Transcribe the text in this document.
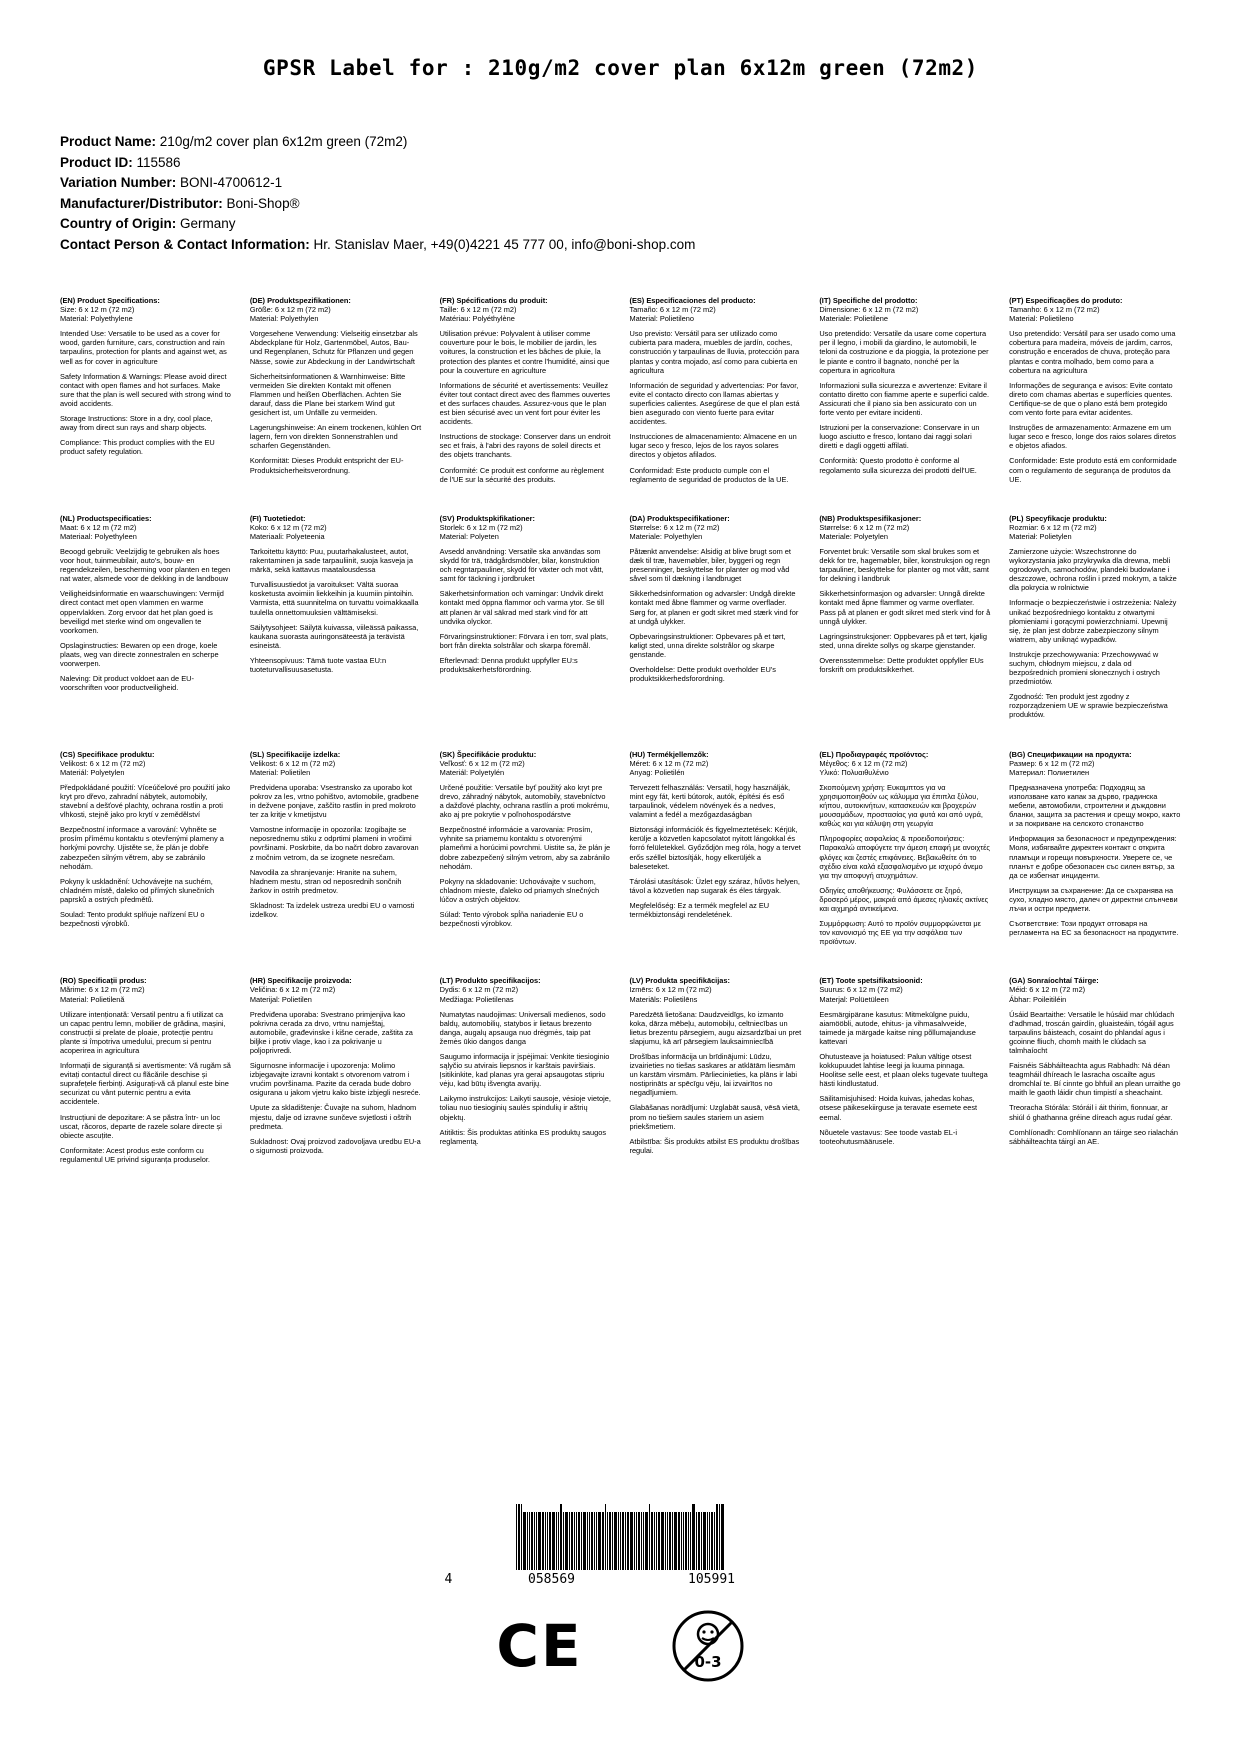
GPSR Label for : 210g/m2 cover plan 6x12m green (72m2)
Product Name: 210g/m2 cover plan 6x12m green (72m2)
Product ID: 115586
Variation Number: BONI-4700612-1
Manufacturer/Distributor: Boni-Shop®
Country of Origin: Germany
Contact Person & Contact Information: Hr. Stanislav Maer, +49(0)4221 45 777 00, info@boni-shop.com
(EN) Product Specifications:

Size: 6 x 12 m (72 m2)

Material: Polyethylene

Intended Use: Versatile to be used as a cover for wood, garden furniture, cars, construction and rain tarpaulins, protection for plants and against wet, as well as for cover in agriculture

Safety Information & Warnings: Please avoid direct contact with open flames and hot surfaces. Make sure that the plan is well secured with strong wind to avoid accidents.

Storage Instructions: Store in a dry, cool place, away from direct sun rays and sharp objects.

Compliance: This product complies with the EU product safety regulation.

(DE) Produktspezifikationen:

Größe: 6 x 12 m (72 m2)

Material: Polyethylen

Vorgesehene Verwendung: Vielseitig einsetzbar als Abdeckplane für Holz, Gartenmöbel, Autos, Bau- und Regenplanen, Schutz für Pflanzen und gegen Nässe, sowie zur Abdeckung in der Landwirtschaft

Sicherheitsinformationen & Warnhinweise: Bitte vermeiden Sie direkten Kontakt mit offenen Flammen und heißen Oberflächen. Achten Sie darauf, dass die Plane bei starkem Wind gut gesichert ist, um Unfälle zu vermeiden.

Lagerungshinweise: An einem trockenen, kühlen Ort lagern, fern von direkten Sonnenstrahlen und scharfen Gegenständen.

Konformität: Dieses Produkt entspricht der EU-Produktsicherheitsverordnung.

(FR) Spécifications du produit:

Taille: 6 x 12 m (72 m2)

Matériau: Polyéthylène

Utilisation prévue: Polyvalent à utiliser comme couverture pour le bois, le mobilier de jardin, les voitures, la construction et les bâches de pluie, la protection des plantes et contre l'humidité, ainsi que pour la couverture en agriculture

Informations de sécurité et avertissements: Veuillez éviter tout contact direct avec des flammes ouvertes et des surfaces chaudes. Assurez-vous que le plan est bien sécurisé avec un vent fort pour éviter les accidents.

Instructions de stockage: Conserver dans un endroit sec et frais, à l'abri des rayons de soleil directs et des objets tranchants.

Conformité: Ce produit est conforme au règlement de l'UE sur la sécurité des produits.

(ES) Especificaciones del producto:

Tamaño: 6 x 12 m (72 m2)

Material: Polietileno

Uso previsto: Versátil para ser utilizado como cubierta para madera, muebles de jardín, coches, construcción y tarpaulinas de lluvia, protección para plantas y contra mojado, así como para cubierta en agricultura

Información de seguridad y advertencias: Por favor, evite el contacto directo con llamas abiertas y superficies calientes. Asegúrese de que el plan está bien asegurado con viento fuerte para evitar accidentes.

Instrucciones de almacenamiento: Almacene en un lugar seco y fresco, lejos de los rayos solares directos y objetos afilados.

Conformidad: Este producto cumple con el reglamento de seguridad de productos de la UE.

(IT) Specifiche del prodotto:

Dimensione: 6 x 12 m (72 m2)

Materiale: Polietilene

Uso pretendido: Versatile da usare come copertura per il legno, i mobili da giardino, le automobili, le teloni da costruzione e da pioggia, la protezione per le piante e contro il bagnato, nonché per la copertura in agricoltura

Informazioni sulla sicurezza e avvertenze: Evitare il contatto diretto con fiamme aperte e superfici calde. Assicurati che il piano sia ben assicurato con un forte vento per evitare incidenti.

Istruzioni per la conservazione: Conservare in un luogo asciutto e fresco, lontano dai raggi solari diretti e dagli oggetti affilati.

Conformità: Questo prodotto è conforme al regolamento sulla sicurezza dei prodotti dell'UE.

(PT) Especificações do produto:

Tamanho: 6 x 12 m (72 m2)

Material: Polietileno

Uso pretendido: Versátil para ser usado como uma cobertura para madeira, móveis de jardim, carros, construção e encerados de chuva, proteção para plantas e contra molhado, bem como para a cobertura na agricultura

Informações de segurança e avisos: Evite contato direto com chamas abertas e superfícies quentes. Certifique-se de que o plano está bem protegido com vento forte para evitar acidentes.

Instruções de armazenamento: Armazene em um lugar seco e fresco, longe dos raios solares diretos e objetos afiados.

Conformidade: Este produto está em conformidade com o regulamento de segurança de produtos da UE.

(NL) Productspecificaties:

Maat: 6 x 12 m (72 m2)

Materiaal: Polyethyleen

Beoogd gebruik: Veelzijdig te gebruiken als hoes voor hout, tuinmeubilair, auto's, bouw- en regendekzeilen, bescherming voor planten en tegen nat water, alsmede voor de dekking in de landbouw

Veiligheidsinformatie en waarschuwingen: Vermijd direct contact met open vlammen en warme oppervlakken. Zorg ervoor dat het plan goed is beveiligd met sterke wind om ongevallen te voorkomen.

Opslaginstructies: Bewaren op een droge, koele plaats, weg van directe zonnestralen en scherpe voorwerpen.

Naleving: Dit product voldoet aan de EU-voorschriften voor productveiligheid.

(FI) Tuotetiedot:

Koko: 6 x 12 m (72 m2)

Materiaali: Polyeteenia

Tarkoitettu käyttö: Puu, puutarhakalusteet, autot, rakentaminen ja sade tarpauliinit, suoja kasveja ja märkä, sekä kattavus maatalousdessa

Turvallisuustiedot ja varoitukset: Vältä suoraa kosketusta avoimiin liekkeihin ja kuumiin pintoihin. Varmista, että suunnitelma on turvattu voimakkaalla tuulella onnettomuuksien välttämiseksi.

Säilytysohjeet: Säilytä kuivassa, viileässä paikassa, kaukana suorasta auringonsäteestä ja terävistä esineistä.

Yhteensopivuus: Tämä tuote vastaa EU:n tuoteturvallisuusasetusta.

(SV) Produktspkifikationer:

Storlek: 6 x 12 m (72 m2)

Material: Polyeten

Avsedd användning: Versatile ska användas som skydd för trä, trädgårdsmöbler, bilar, konstruktion och regntarpauliner, skydd för växter och mot vått, samt för täckning i jordbruket

Säkerhetsinformation och varningar: Undvik direkt kontakt med öppna flammor och varma ytor. Se till att planen är väl säkrad med stark vind för att undvika olyckor.

Förvaringsinstruktioner: Förvara i en torr, sval plats, bort från direkta solstrålar och skarpa föremål.

Efterlevnad: Denna produkt uppfyller EU:s produktsäkerhetsförordning.

(DA) Produktspecifikationer:

Størrelse: 6 x 12 m (72 m2)

Materiale: Polyethylen

Påtænkt anvendelse: Alsidig at blive brugt som et dæk til træ, havemøbler, biler, byggeri og regn presenninger, beskyttelse for planter og mod våd såvel som til dækning i landbruget

Sikkerhedsinformation og advarsler: Undgå direkte kontakt med åbne flammer og varme overflader. Sørg for, at planen er godt sikret med stærk vind for at undgå ulykker.

Opbevaringsinstruktioner: Opbevares på et tørt, køligt sted, unna direkte solstrålor og skarpe genstande.

Overholdelse: Dette produkt overholder EU's produktsikkerhedsforordning.

(NB) Produktspesifikasjoner:

Størrelse: 6 x 12 m (72 m2)

Materiale: Polyetylen

Forventet bruk: Versatile som skal brukes som et dekk for tre, hagemøbler, biler, konstruksjon og regn tarpauliner, beskyttelse for planter og mot vått, samt for dekning i landbruk

Sikkerhetsinformasjon og advarsler: Unngå direkte kontakt med åpne flammer og varme overflater. Pass på at planen er godt sikret med sterk vind for å unngå ulykker.

Lagringsinstruksjoner: Oppbevares på et tørt, kjølig sted, unna direkte sollys og skarpe gjenstander.

Overensstemmelse: Dette produktet oppfyller EUs forskrift om produktsikkerhet.

(PL) Specyfikacje produktu:

Rozmiar: 6 x 12 m (72 m2)

Materiał: Polietylen

Zamierzone użycie: Wszechstronne do wykorzystania jako przykrywka dla drewna, mebli ogrodowych, samochodów, plandeki budowlane i deszczowe, ochrona roślin i przed mokrym, a także dla pokrycia w rolnictwie

Informacje o bezpieczeństwie i ostrzeżenia: Należy unikać bezpośredniego kontaktu z otwartymi płomieniami i gorącymi powierzchniami. Upewnij się, że plan jest dobrze zabezpieczony silnym wiatrem, aby uniknąć wypadków.

Instrukcje przechowywania: Przechowywać w suchym, chłodnym miejscu, z dala od bezpośrednich promieni słonecznych i ostrych przedmiotów.

Zgodność: Ten produkt jest zgodny z rozporządzeniem UE w sprawie bezpieczeństwa produktów.

(CS) Specifikace produktu:

Velikost: 6 x 12 m (72 m2)

Materiál: Polyetylen

Předpokládané použití: Víceúčelové pro použití jako kryt pro dřevo, zahradní nábytek, automobily, stavební a dešťové plachty, ochrana rostlin a proti vlhkosti, stejně jako pro krytí v zemědělství

Bezpečnostní informace a varování: Vyhněte se prosím přímému kontaktu s otevřenými plameny a horkými povrchy. Ujistěte se, že plán je dobře zabezpečen silným větrem, aby se zabránilo nehodám.

Pokyny k uskladnění: Uchovávejte na suchém, chladném místě, daleko od přímých slunečních paprsků a ostrých předmětů.

Soulad: Tento produkt splňuje nařízení EU o bezpečnosti výrobků.

(SL) Specifikacije izdelka:

Velikost: 6 x 12 m (72 m2)

Material: Polietilen

Predvidena uporaba: Vsestransko za uporabo kot pokrov za les, vrtno pohištvo, avtomobile, gradbene in dežvene ponjave, zaščito rastlin in pred mokroto ter za kritje v kmetijstvu

Varnostne informacije in opozorila: Izogibajte se neposrednemu stiku z odprtimi plameni in vročimi površinami. Poskrbite, da bo načrt dobro zavarovan z močnim vetrom, da se izognete nesrečam.

Navodila za shranjevanje: Hranite na suhem, hladnem mestu, stran od neposrednih sončnih žarkov in ostrih predmetov.

Skladnost: Ta izdelek ustreza uredbi EU o varnosti izdelkov.

(SK) Špecifikácie produktu:

Veľkosť: 6 x 12 m (72 m2)

Materiál: Polyetylén

Určené použitie: Versatile byť použitý ako kryt pre drevo, záhradný nábytok, automobily, stavebníctvo a dažďové plachty, ochrana rastlín a proti mokrému, ako aj pre pokrytie v poľnohospodárstve

Bezpečnostné informácie a varovania: Prosím, vyhnite sa priamemu kontaktu s otvorenými plameňmi a horúcimi povrchmi. Uistite sa, že plán je dobre zabezpečený silným vetrom, aby sa zabránilo nehodám.

Pokyny na skladovanie: Uchovávajte v suchom, chladnom mieste, ďaleko od priamych slnečných lúčov a ostrých objektov.

Súlad: Tento výrobok spĺňa nariadenie EU o bezpečnosti výrobkov.

(HU) Termékjellemzők:

Méret: 6 x 12 m (72 m2)

Anyag: Polietilén

Tervezett felhasználás: Versatil, hogy használják, mint egy fát, kerti bútorok, autók, építési és eső tarpaulinok, védelem növények és a nedves, valamint a fedél a mezőgazdaságban

Biztonsági információk és figyelmeztetések: Kérjük, kerülje a közvetlen kapcsolatot nyitott lángokkal és forró felületekkel. Győződjön meg róla, hogy a tervet erős széllel biztosítják, hogy elkerüljék a baleseteket.

Tárolási utasítások: Üzlet egy száraz, hűvös helyen, távol a közvetlen nap sugarak és éles tárgyak.

Megfelelőség: Ez a termék megfelel az EU termékbiztonsági rendeletének.

(EL) Προδιαγραφές προϊόντος:

Μέγεθος: 6 x 12 m (72 m2)

Υλικό: Πολυαιθυλένιο

Σκοπούμενη χρήση: Ευκαμπτοs για να χρησιμοποιηθούν ως κάλυμμα για έπιπλα ξύλου, κήπου, αυτοκινήτων, κατασκευών και βροχερών μουσαμάδων, προστασίας για φυτά και από υγρά, καθώς και για κάλυψη στη γεωργία

Πληροφορίες ασφαλείας & προειδοποιήσεις: Παρακαλώ αποφύγετε την άμεση επαφή με ανοιχτές φλόγες και ζεστές επιφάνειες. Βεβαιωθείτε ότι το σχέδιο είναι καλά εξασφαλισμένο με ισχυρό άνεμο για την αποφυγή ατυχημάτων.

Οδηγίες αποθήκευσης: Φυλάσσετε σε ξηρό, δροσερό μέρος, μακριά από άμεσες ηλιακές ακτίνες και αιχμηρά αντικείμενα.

Συμμόρφωση: Αυτό το προϊόν συμμορφώνεται με τον κανονισμό της ΕΕ για την ασφάλεια των προϊόντων.

(BG) Спецификации на продукта:

Размер: 6 x 12 m (72 m2)

Материал: Полиетилен

Предназначена употреба: Подходящ за използване като капак за дърво, градинска мебели, автомобили, строителни и дъждовни бланки, защита за растения и срещу мокро, както и за покриване на селското стопанство

Информация за безопасност и предупреждения: Моля, избягвайте директен контакт с открита пламъци и горещи повърхности. Уверете се, че планът е добре обезопасен със силен вятър, за да се избегнат инциденти.

Инструкции за съхранение: Да се съхранява на сухо, хладно място, далеч от директни слънчеви лъчи и остри предмети.

Съответствие: Този продукт отговаря на регламента на ЕС за безопасност на продуктите.

(RO) Specificații produs:

Mărime: 6 x 12 m (72 m2)

Material: Polietilenă

Utilizare intenționată: Versatil pentru a fi utilizat ca un capac pentru lemn, mobilier de grădina, mașini, construcții si prelate de ploaie, protecție pentru plante si împotriva umedului, precum si pentru acoperirea in agricultura

Informații de siguranță si avertismente: Vă rugăm să evitați contactul direct cu flăcările deschise și suprafețele fierbinți. Asigurați-vă că planul este bine securizat cu vânt puternic pentru a evita accidentele.

Instrucțiuni de depozitare: A se păstra într- un loc uscat, răcoros, departe de razele solare directe și obiecte ascuțite.

Conformitate: Acest produs este conform cu regulamentul UE privind siguranța produselor.

(HR) Specifikacije proizvoda:

Veličina: 6 x 12 m (72 m2)

Materijal: Polietilen

Predviđena uporaba: Svestrano primjenjiva kao pokrivna cerada za drvo, vrtnu namještaj, automobile, građevinske i kišne cerade, zaštita za biljke i protiv vlage, kao i za pokrivanje u poljoprivredi.

Sigurnosne informacije i upozorenja: Molimo izbjegavajte izravni kontakt s otvorenom vatrom i vrućim površinama. Pazite da cerada bude dobro osigurana u jakom vjetru kako biste izbjegli nesreće.

Upute za skladištenje: Čuvajte na suhom, hladnom mjestu, dalje od izravne sunčeve svjetlosti i oštrih predmeta.

Sukladnost: Ovaj proizvod zadovoljava uredbu EU-a o sigurnosti proizvoda.

(LT) Produkto specifikacijos:

Dydis: 6 x 12 m (72 m2)

Medžiaga: Polietilenas

Numatytas naudojimas: Universali medienos, sodo baldų, automobilių, statybos ir lietaus brezento danga, augalų apsauga nuo drėgmės, taip pat žemės ūkio dangos danga

Saugumo informacija ir įspėjimai: Venkite tiesioginio sąlyčio su atvirais liepsnos ir karštais paviršiais. Įsitikinkite, kad planas yra gerai apsaugotas stipriu vėju, kad būtų išvengta avarijų.

Laikymo instrukcijos: Laikyti sausoje, vėsioje vietoje, toliau nuo tiesioginių saulės spindulių ir aštrių objektų.

Atitiktis: Šis produktas atitinka ES produktų saugos reglamentą.

(LV) Produkta specifikācijas:

Izmērs: 6 x 12 m (72 m2)

Materiāls: Polietilēns

Paredzētā lietošana: Daudzveidīgs, ko izmanto koka, dārza mēbeļu, automobiļu, celtniecības un lietus brezentu pārsegiem, augu aizsardzībai un pret slapjumu, kā arī pārsegiem lauksaimniecībā

Drošības informācija un brīdinājumi: Lūdzu, izvairieties no tiešas saskares ar atklātām liesmām un karstām virsmām. Pārliecinieties, ka plāns ir labi nostiprināts ar spēcīgu vēju, lai izvairītos no negadījumiem.

Glabāšanas norādījumi: Uzglabāt sausā, vēsā vietā, prom no tiešiem saules stariem un asiem priekšmetiem.

Atbilstība: Šis produkts atbilst ES produktu drošības regulai.

(ET) Toote spetsifikatsioonid:

Suurus: 6 x 12 m (72 m2)

Materjal: Polüetüleen

Eesmärgipärane kasutus: Mitmekülgne puidu, aiamööbli, autode, ehitus- ja vihmasalvveide, taimede ja märgade kaitse ning põllumajanduse kattevari

Ohutusteave ja hoiatused: Palun vältige otsest kokkupuudet lahtise leegi ja kuuma pinnaga. Hoolitse selle eest, et plaan oleks tugevate tuultega hästi kindlustatud.

Säilitamisjuhised: Hoida kuivas, jahedas kohas, otsese päikesekiirguse ja teravate esemete eest eemal.

Nõuetele vastavus: See toode vastab EL-i tooteohutusmäärusele.

(GA) Sonraíochtaí Táirge:

Méid: 6 x 12 m (72 m2)

Ábhar: Poileitiléin

Úsáid Beartaithe: Versatile le húsáid mar chlúdach d'adhmad, troscán gairdín, gluaisteáin, tógáil agus tarpaulins báisteach, cosaint do phlandaí agus i gcoinne fliuch, chomh maith le clúdach sa talmhaíocht

Faisnéis Sábháilteachta agus Rabhadh: Ná déan teagmháil dhíreach le lasracha oscailte agus dromchlaí te. Bí cinnte go bhfuil an plean urraithe go maith le gaoth láidir chun timpistí a sheachaint.

Treoracha Stórála: Stóráil i áit thirim, fionnuar, ar shiúl ó ghathanna gréine díreach agus rudaí géar.

Comhlíonadh: Comhlíonann an táirge seo rialachán sábháilteachta táirgí an AE.

4	058569	105991
CE	0-3
